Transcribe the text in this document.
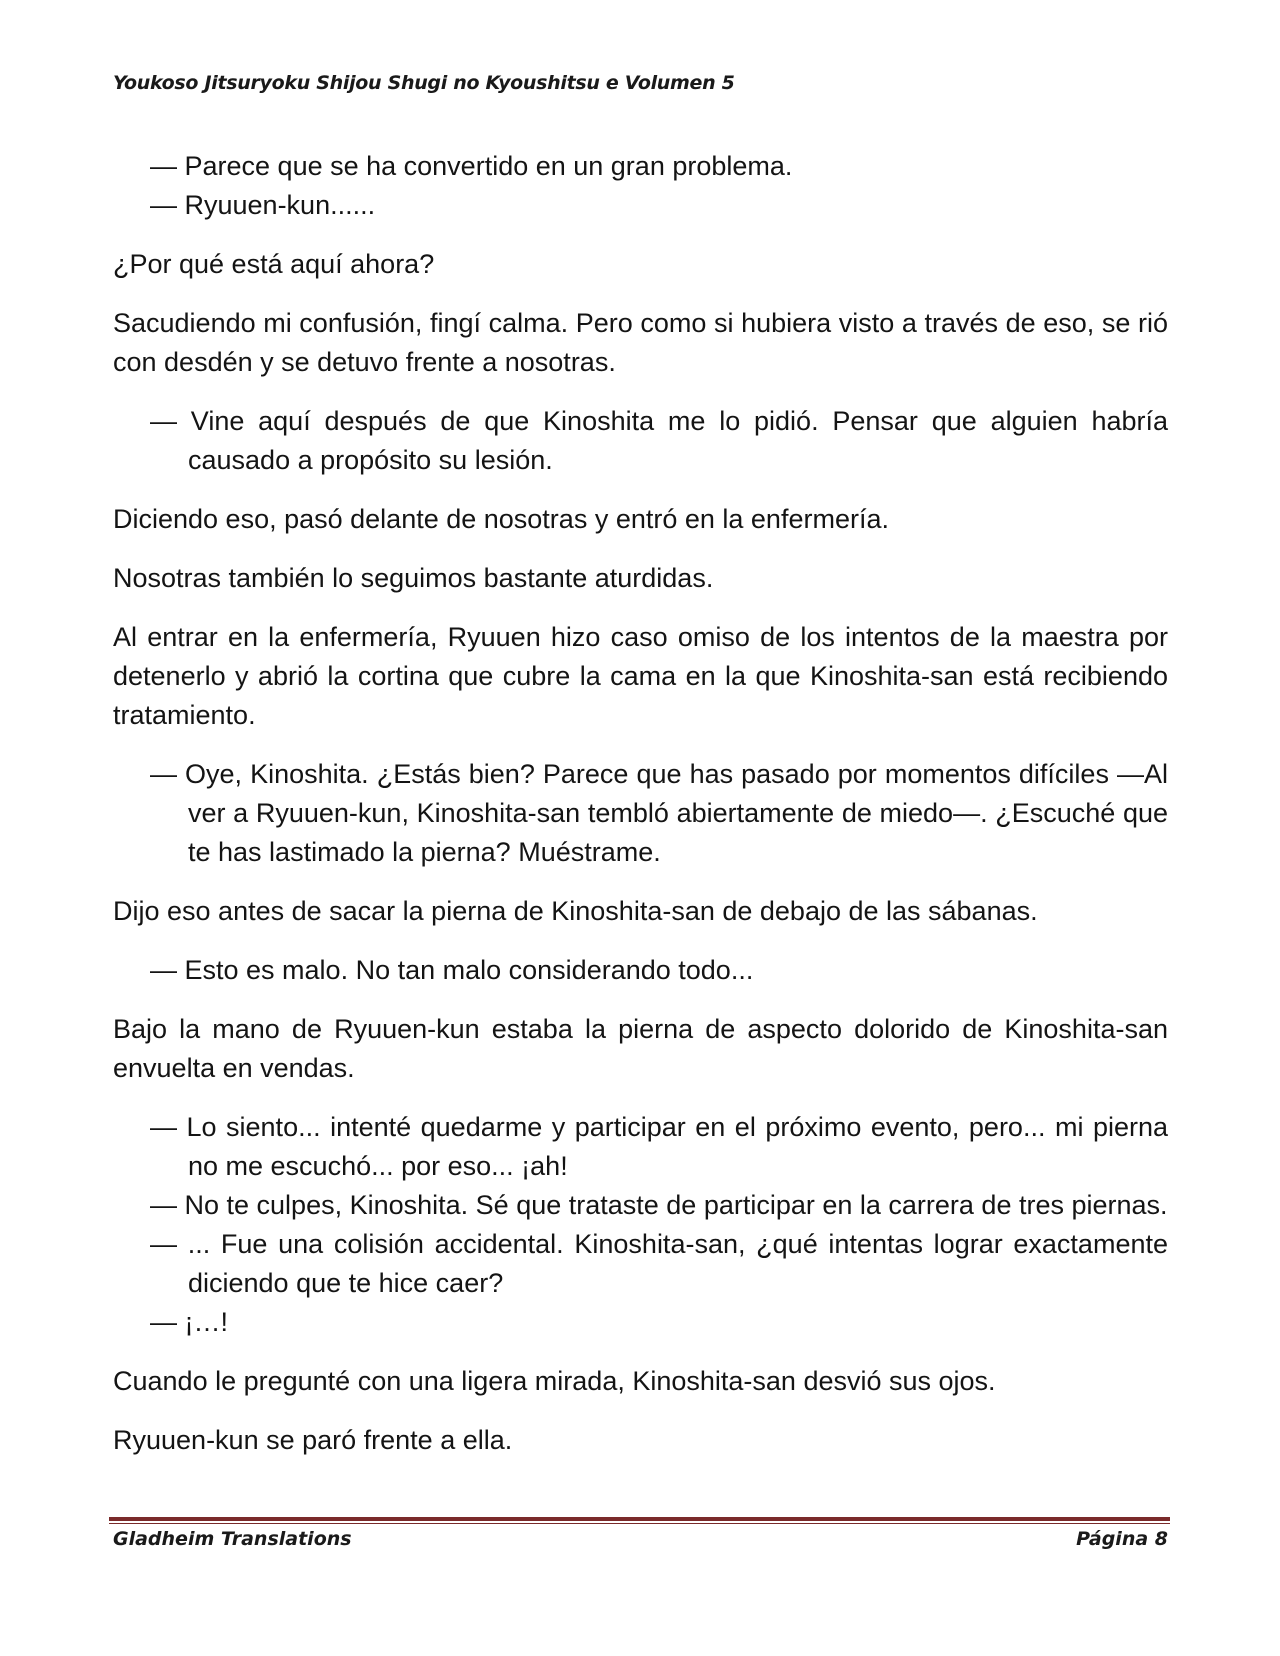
Youkoso Jitsuryoku Shijou Shugi no Kyoushitsu e Volumen 5

— Parece que se ha convertido en un gran problema.

— Ryuuen-kun......

¿Por qué está aquí ahora?

Sacudiendo mi confusión, fingí calma. Pero como si hubiera visto a través de eso, se rió con desdén y se detuvo frente a nosotras.

— Vine aquí después de que Kinoshita me lo pidió. Pensar que alguien habría causado a propósito su lesión.

Diciendo eso, pasó delante de nosotras y entró en la enfermería.

Nosotras también lo seguimos bastante aturdidas.

Al entrar en la enfermería, Ryuuen hizo caso omiso de los intentos de la maestra por detenerlo y abrió la cortina que cubre la cama en la que Kinoshita-san está recibiendo tratamiento.

— Oye, Kinoshita. ¿Estás bien? Parece que has pasado por momentos difíciles —Al ver a Ryuuen-kun, Kinoshita-san tembló abiertamente de miedo—. ¿Escuché que te has lastimado la pierna? Muéstrame.

Dijo eso antes de sacar la pierna de Kinoshita-san de debajo de las sábanas.

— Esto es malo. No tan malo considerando todo...

Bajo la mano de Ryuuen-kun estaba la pierna de aspecto dolorido de Kinoshita-san envuelta en vendas.

— Lo siento... intenté quedarme y participar en el próximo evento, pero... mi pierna no me escuchó... por eso... ¡ah!

— No te culpes, Kinoshita. Sé que trataste de participar en la carrera de tres piernas.

— ... Fue una colisión accidental. Kinoshita-san, ¿qué intentas lograr exactamente diciendo que te hice caer?

— ¡…!

Cuando le pregunté con una ligera mirada, Kinoshita-san desvió sus ojos.

Ryuuen-kun se paró frente a ella.

Gladheim Translations	Página 8
